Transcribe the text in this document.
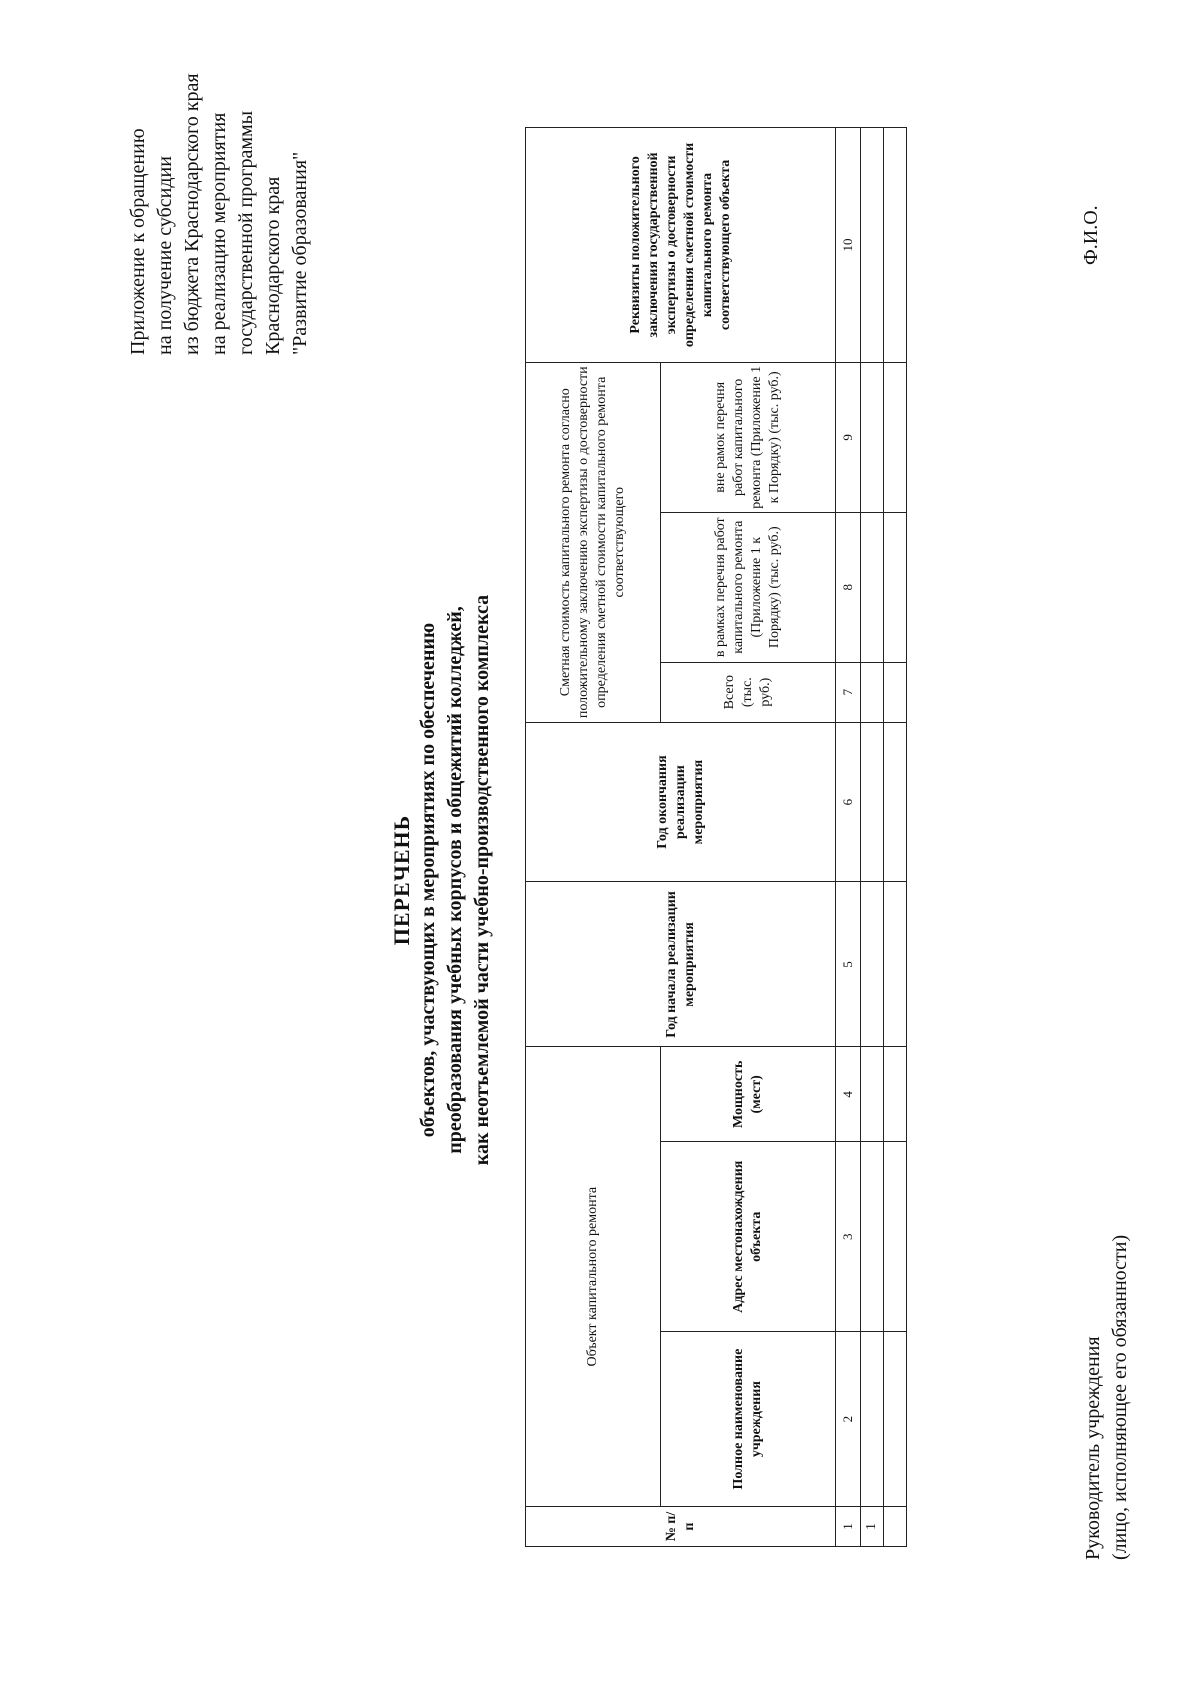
Приложение к обращению на получение субсидии из бюджета Краснодарского края на реализацию мероприятия государственной программы Краснодарского края "Развитие образования"
ПЕРЕЧЕНЬ объектов, участвующих в мероприятиях по обеспечению преобразования учебных корпусов и общежитий колледжей, как неотъемлемой части учебно-производственного комплекса
№ п/п	Объект капитального ремонта			Год начала реализации мероприятия	Год окончания реализации мероприятия	Сметная стоимость капитального ремонта согласно положительному заключению экспертизы о достоверности определения сметной стоимости капитального ремонта соответствующего			Реквизиты положительного заключения государственной экспертизы о достоверности определения сметной стоимости капитального ремонта соответствующего объекта
	Полное наименование учреждения	Адрес местонахождения объекта	Мощность (мест)						
						Всего (тыс. руб.)	в рамках перечня работ капитального ремонта (Приложение 1 к Порядку) (тыс. руб.)	вне рамок перечня работ капитального ремонта (Приложение 1 к Порядку) (тыс. руб.)	
1	2	3	4	5	6	7	8	9	10
1									
										Руководитель учреждения (лицо, исполняющее его обязанности)
Ф.И.О.
